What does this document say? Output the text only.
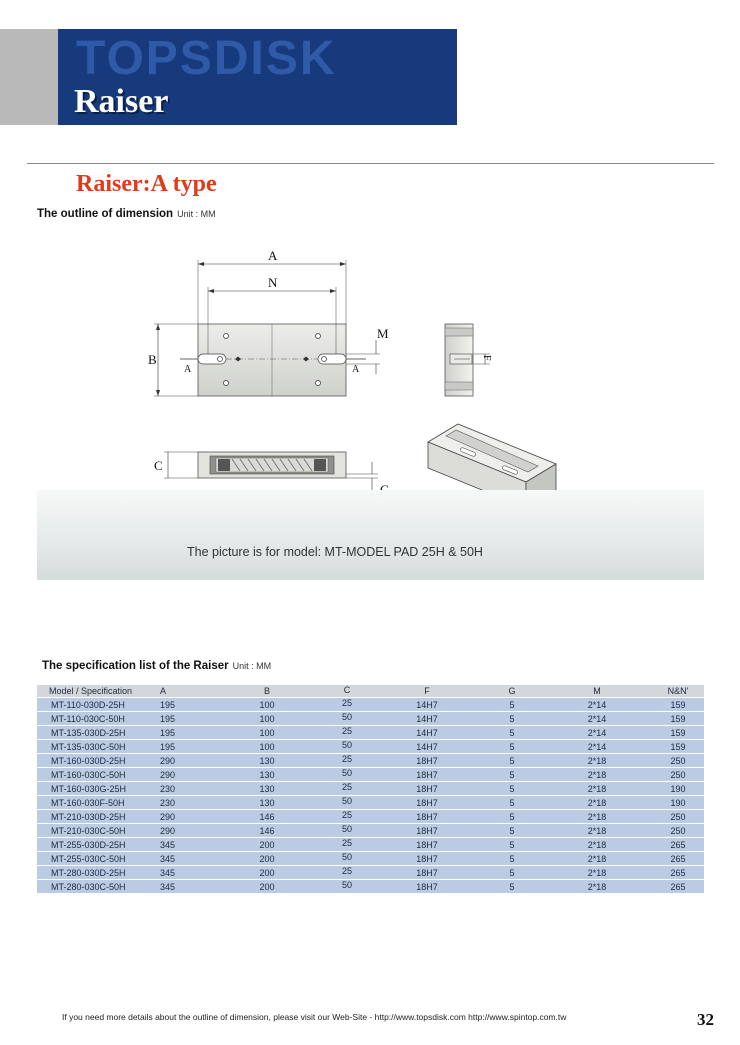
TOPSDISK
Raiser
Raiser:A type
The outline of dimension Unit : MM
A
N
B
M
A	A
F
C
The picture is for model: MT-MODEL PAD 25H & 50H
The specification list of the Raiser Unit : MM
Model / Specification	A	B	C	F	G	M	N&N'
MT-110-030D-25H	195	100	25	14H7	5	2*14	159
MT-110-030C-50H	195	100	50	14H7	5	2*14	159
MT-135-030D-25H	195	100	25	14H7	5	2*14	159
MT-135-030C-50H	195	100	50	14H7	5	2*14	159
MT-160-030D-25H	290	130	25	18H7	5	2*18	250
MT-160-030C-50H	290	130	50	18H7	5	2*18	250
MT-160-030G-25H	230	130	25	18H7	5	2*18	190
MT-160-030F-50H	230	130	50	18H7	5	2*18	190
MT-210-030D-25H	290	146	25	18H7	5	2*18	250
MT-210-030C-50H	290	146	50	18H7	5	2*18	250
MT-255-030D-25H	345	200	25	18H7	5	2*18	265
MT-255-030C-50H	345	200	50	18H7	5	2*18	265
MT-280-030D-25H	345	200	25	18H7	5	2*18	265
MT-280-030C-50H	345	200	50	18H7	5	2*18	265
If you need more details about the outline of dimension, please visit our Web-Site - http://www.topsdisk.com http://www.spintop.com.tw	32
